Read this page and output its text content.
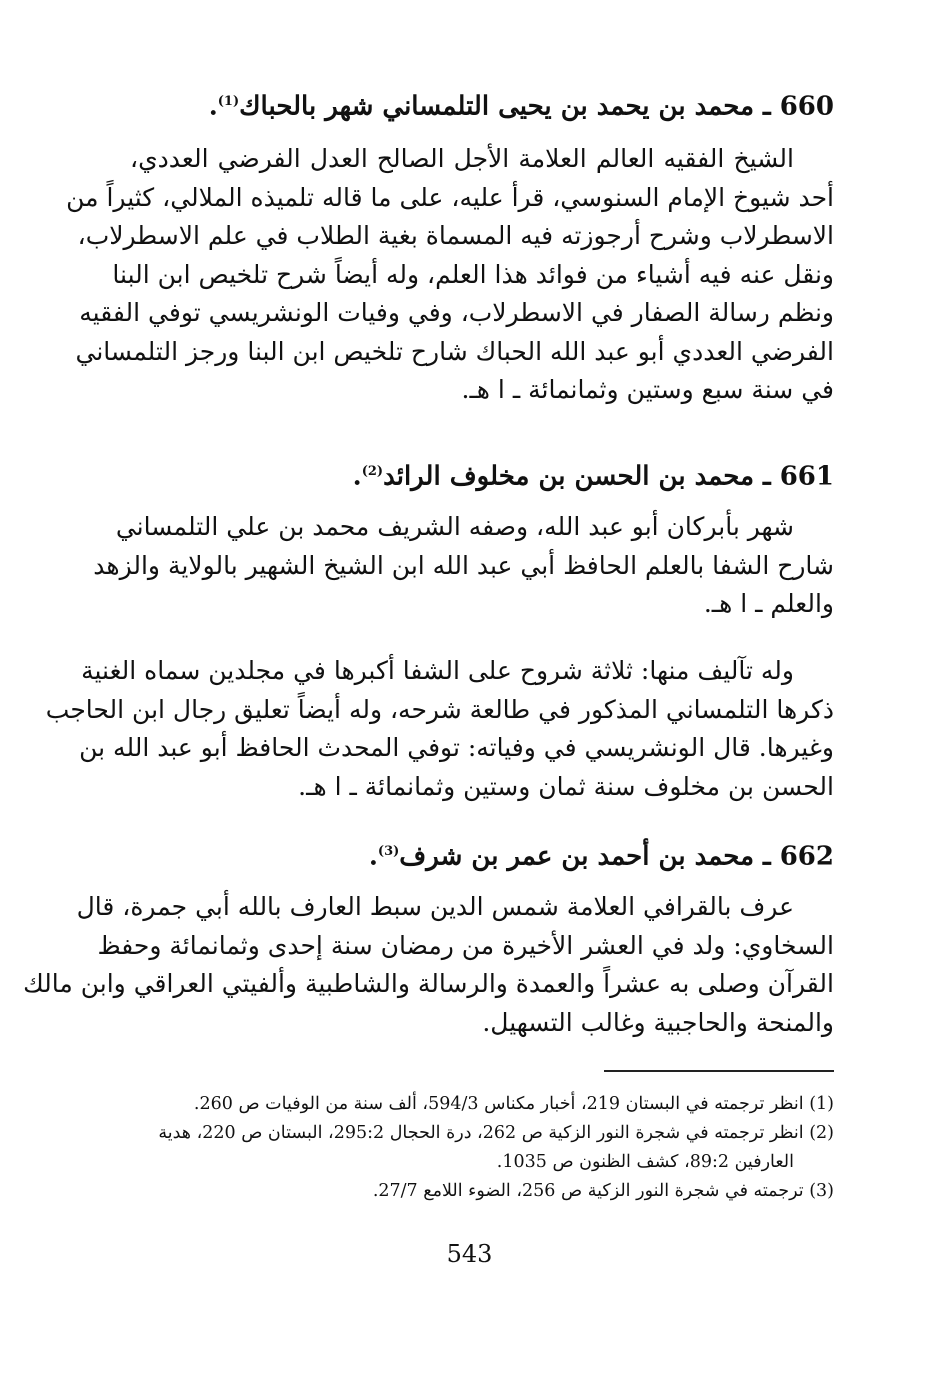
660 ـ محمد بن يحمد بن يحيى التلمساني شهر بالحباك$^{(1)}$.
الشيخ الفقيه العالم العلامة الأجل الصالح العدل الفرضي العددي،
أحد شيوخ الإمام السنوسي، قرأ عليه، على ما قاله تلميذه الملالي، كثيراً من
الاسطرلاب وشرح أرجوزته فيه المسماة بغية الطلاب في علم الاسطرلاب،
ونقل عنه فيه أشياء من فوائد هذا العلم، وله أيضاً شرح تلخيص ابن البنا
ونظم رسالة الصفار في الاسطرلاب، وفي وفيات الونشريسي توفي الفقيه
الفرضي العددي أبو عبد الله الحباك شارح تلخيص ابن البنا ورجز التلمساني
في سنة سبع وستين وثمانمائة ـ ا هـ.
661 ـ محمد بن الحسن بن مخلوف الرائد$^{(2)}$.
شهر بأبركان أبو عبد الله، وصفه الشريف محمد بن علي التلمساني
شارح الشفا بالعلم الحافظ أبي عبد الله ابن الشيخ الشهير بالولاية والزهد
والعلم ـ ا هـ.
وله تآليف منها: ثلاثة شروح على الشفا أكبرها في مجلدين سماه الغنية
ذكرها التلمساني المذكور في طالعة شرحه، وله أيضاً تعليق رجال ابن الحاجب
وغيرها. قال الونشريسي في وفياته: توفي المحدث الحافظ أبو عبد الله بن
الحسن بن مخلوف سنة ثمان وستين وثمانمائة ـ ا هـ.
662 ـ محمد بن أحمد بن عمر بن شرف$^{(3)}$.
عرف بالقرافي العلامة شمس الدين سبط العارف بالله أبي جمرة، قال
السخاوي: ولد في العشر الأخيرة من رمضان سنة إحدى وثمانمائة وحفظ
القرآن وصلى به عشراً والعمدة والرسالة والشاطبية وألفيتي العراقي وابن مالك
والمنحة والحاجبية وغالب التسهيل.
(1) انظر ترجمته في البستان 219، أخبار مكناس 594/3، ألف سنة من الوفيات ص 260.
(2) انظر ترجمته في شجرة النور الزكية ص 262، درة الحجال 295:2، البستان ص 220، هدية
العارفين 89:2، كشف الظنون ص 1035.
(3) ترجمته في شجرة النور الزكية ص 256، الضوء اللامع 27/7.
543
